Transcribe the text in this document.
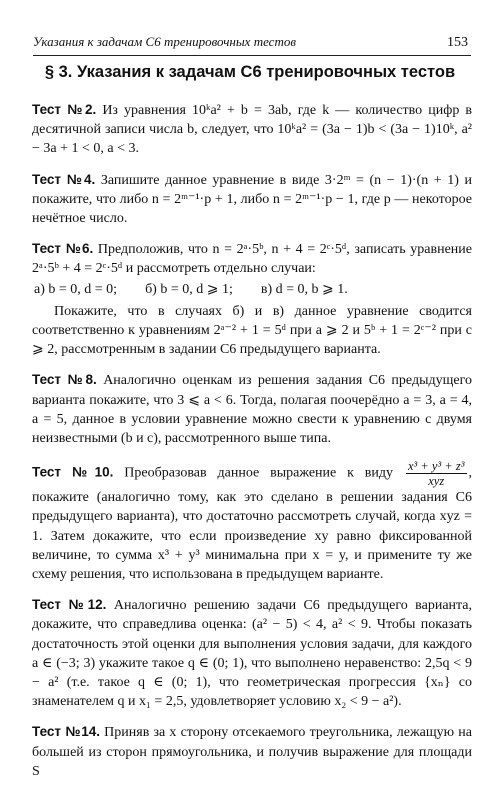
Указания к задачам С6 тренировочных тестов	153
§ 3. Указания к задачам С6 тренировочных тестов

Тест №2. Из уравнения 10ᵏa² + b = 3ab, где k — количество цифр в десятичной записи числа b, следует, что 10ᵏa² = (3a − 1)b < (3a − 1)10ᵏ, a² − 3a + 1 < 0, a < 3.

Тест №4. Запишите данное уравнение в виде 3·2ᵐ = (n − 1)·(n + 1) и покажите, что либо n = 2ᵐ⁻¹·p + 1, либо n = 2ᵐ⁻¹·p − 1, где p — некоторое нечётное число.

Тест №6. Предположив, что n = 2ᵃ·5ᵇ, n + 4 = 2ᶜ·5ᵈ, записать уравнение 2ᵃ·5ᵇ + 4 = 2ᶜ·5ᵈ и рассмотреть отдельно случаи:

а) b = 0, d = 0; б) b = 0, d ⩾ 1; в) d = 0, b ⩾ 1.

Покажите, что в случаях б) и в) данное уравнение сводится соответственно к уравнениям 2ᵃ⁻² + 1 = 5ᵈ при a ⩾ 2 и 5ᵇ + 1 = 2ᶜ⁻² при c ⩾ 2, рассмотренным в задании С6 предыдущего варианта.

Тест №8. Аналогично оценкам из решения задания С6 предыдущего варианта покажите, что 3 ⩽ a < 6. Тогда, полагая поочерёдно a = 3, a = 4, a = 5, данное в условии уравнение можно свести к уравнению с двумя неизвестными (b и c), рассмотренного выше типа.

Тест №10. Преобразовав данное выражение к виду $\frac{\text{x³ + y³ + z³}}{\text{xyz}}$ , покажите (аналогично тому, как это сделано в решении задания С6 предыдущего варианта), что достаточно рассмотреть случай, когда xyz = 1. Затем докажите, что если произведение xy равно фиксированной величине, то сумма x³ + y³ минимальна при x = y, и примените ту же схему решения, что использована в предыдущем варианте.

Тест №12. Аналогично решению задачи С6 предыдущего варианта, докажите, что справедлива оценка: (a² − 5) < 4, a² < 9. Чтобы показать достаточность этой оценки для выполнения условия задачи, для каждого a ∈ (−3; 3) укажите такое q ∈ (0; 1), что выполнено неравенство: 2,5q < 9 − a² (т.е. такое q ∈ (0; 1), что геометрическая прогрессия {xₙ} со знаменателем q и x₁ = 2,5, удовлетворяет условию x₂ < 9 − a²).

Тест №14. Приняв за x сторону отсекаемого треугольника, лежащую на большей из сторон прямоугольника, и получив выражение для площади S
